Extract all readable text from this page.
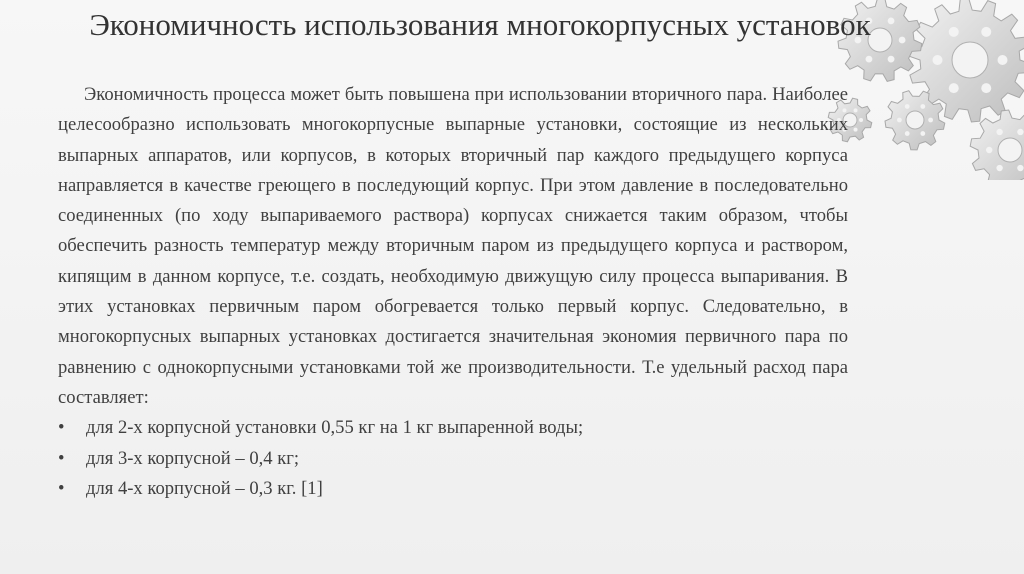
Экономичность использования многокорпусных установок

Экономичность процесса может быть повышена при использовании вторичного пара. Наиболее целесообразно использовать многокорпусные выпарные установки, состоящие из нескольких выпарных аппаратов, или корпусов, в которых вторичный пар каждого предыдущего корпуса направляется в качестве греющего в последующий корпус. При этом давление в последовательно соединенных (по ходу выпариваемого раствора) корпусах снижается таким образом, чтобы обеспечить разность температур между вторичным паром из предыдущего корпуса и раствором, кипящим в данном корпусе, т.е. создать, необходимую движущую силу процесса выпаривания. В этих установках первичным паром обогревается только первый корпус. Следовательно, в многокорпусных выпарных установках достигается значительная экономия первичного пара по равнению с однокорпусными установками той же производительности. Т.е удельный расход пара составляет:

• для 2-х корпусной установки 0,55 кг на 1 кг выпаренной воды;
• для 3-х корпусной – 0,4 кг;
• для 4-х корпусной – 0,3 кг. [1]
